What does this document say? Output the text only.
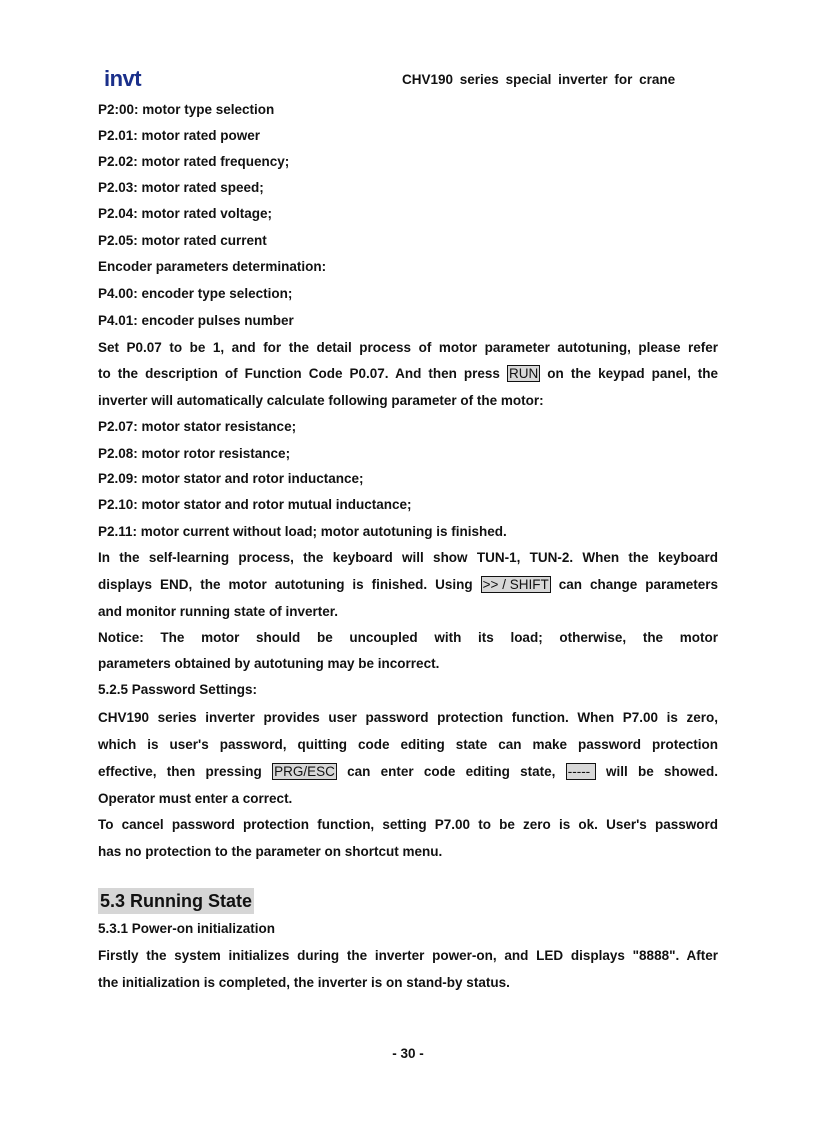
invt	CHV190 series special inverter for crane
P2:00: motor type selection
P2.01: motor rated power
P2.02: motor rated frequency;
P2.03: motor rated speed;
P2.04: motor rated voltage;
P2.05: motor rated current
Encoder parameters determination:
P4.00: encoder type selection;
P4.01: encoder pulses number
Set P0.07 to be 1, and for the detail process of motor parameter autotuning, please refer
to the description of Function Code P0.07. And then press RUN on the keypad panel, the
inverter will automatically calculate following parameter of the motor:
P2.07: motor stator resistance;
P2.08: motor rotor resistance;
P2.09: motor stator and rotor inductance;
P2.10: motor stator and rotor mutual inductance;
P2.11: motor current without load; motor autotuning is finished.
In the self-learning process, the keyboard will show TUN-1, TUN-2. When the keyboard
displays END, the motor autotuning is finished. Using >> / SHIFT can change parameters
and monitor running state of inverter.
Notice: The motor should be uncoupled with its load; otherwise, the motor
parameters obtained by autotuning may be incorrect.
5.2.5 Password Settings:
CHV190 series inverter provides user password protection function. When P7.00 is zero,
which is user's password, quitting code editing state can make password protection
effective, then pressing PRG/ESC can enter code editing state, ----- will be showed.
Operator must enter a correct.
To cancel password protection function, setting P7.00 to be zero is ok. User's password
has no protection to the parameter on shortcut menu.
5.3 Running State
5.3.1 Power-on initialization
Firstly the system initializes during the inverter power-on, and LED displays "8888". After
the initialization is completed, the inverter is on stand-by status.
- 30 -
